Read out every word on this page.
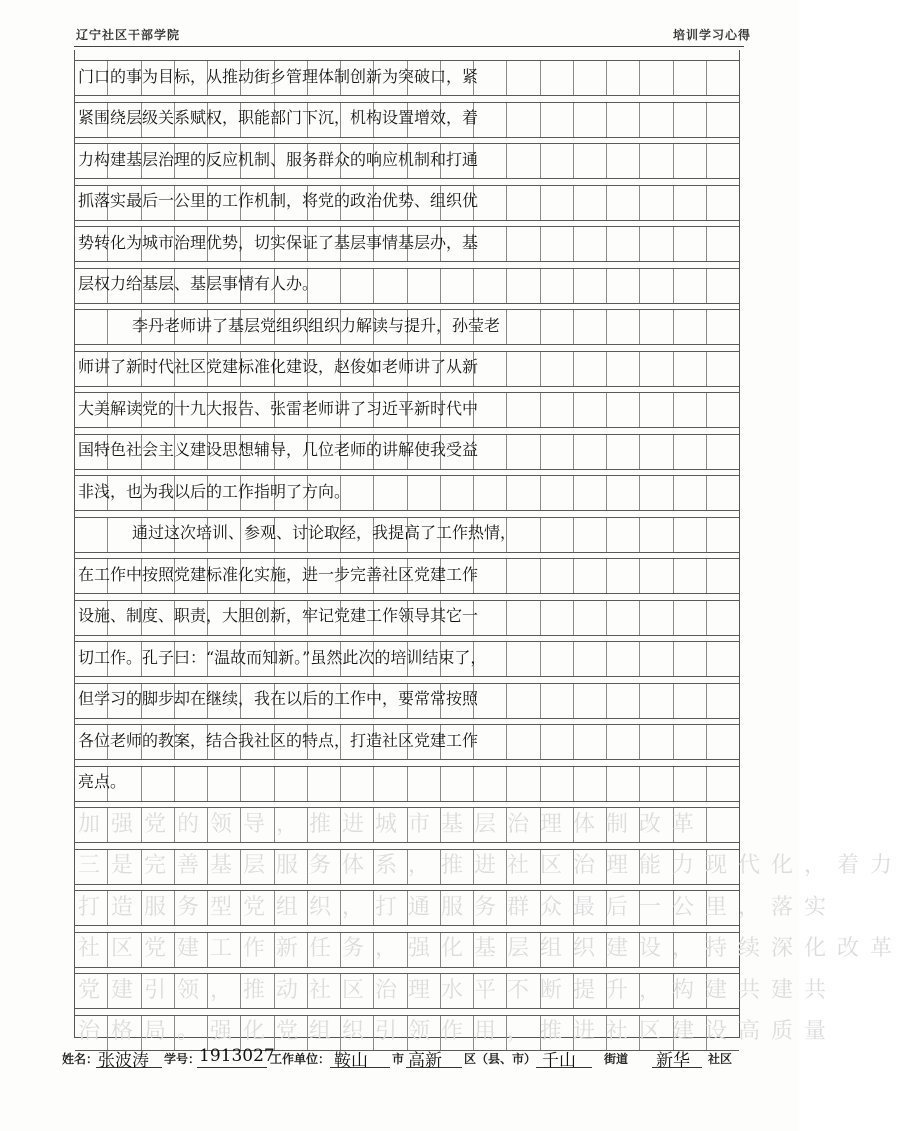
辽宁社区干部学院	培训学习心得
门口的事为目标，从推动街乡管理体制创新为突破口，紧
紧围绕层级关系赋权，职能部门下沉，机构设置增效，着
力构建基层治理的反应机制、服务群众的响应机制和打通
抓落实最后一公里的工作机制，将党的政治优势、组织优
势转化为城市治理优势，切实保证了基层事情基层办，基
层权力给基层、基层事情有人办。
李丹老师讲了基层党组织组织力解读与提升，孙莹老
师讲了新时代社区党建标准化建设，赵俊如老师讲了从新
大美解读党的十九大报告、张雷老师讲了习近平新时代中
国特色社会主义建设思想辅导，几位老师的讲解使我受益
非浅，也为我以后的工作指明了方向。
通过这次培训、参观、讨论取经，我提高了工作热情，
在工作中按照党建标准化实施，进一步完善社区党建工作
设施、制度、职责，大胆创新，牢记党建工作领导其它一
切工作。孔子曰：“温故而知新。”虽然此次的培训结束了，
但学习的脚步却在继续，我在以后的工作中，要常常按照
各位老师的教案，结合我社区的特点，打造社区党建工作
亮点。
加强党的领导，推进城市基层治理体制改革
三是完善基层服务体系，推进社区治理能力现代化，着力
打造服务型党组织，打通服务群众最后一公里，落实
社区党建工作新任务，强化基层组织建设，持续深化改革
党建引领，推动社区治理水平不断提升，构建共建共
治格局。强化党组织引领作用，推进社区建设高质量
姓名： 张波涛 学号：
1913027
工作单位： 鞍山 市 高新 区（县、市） 千山 街道 新华 社区
